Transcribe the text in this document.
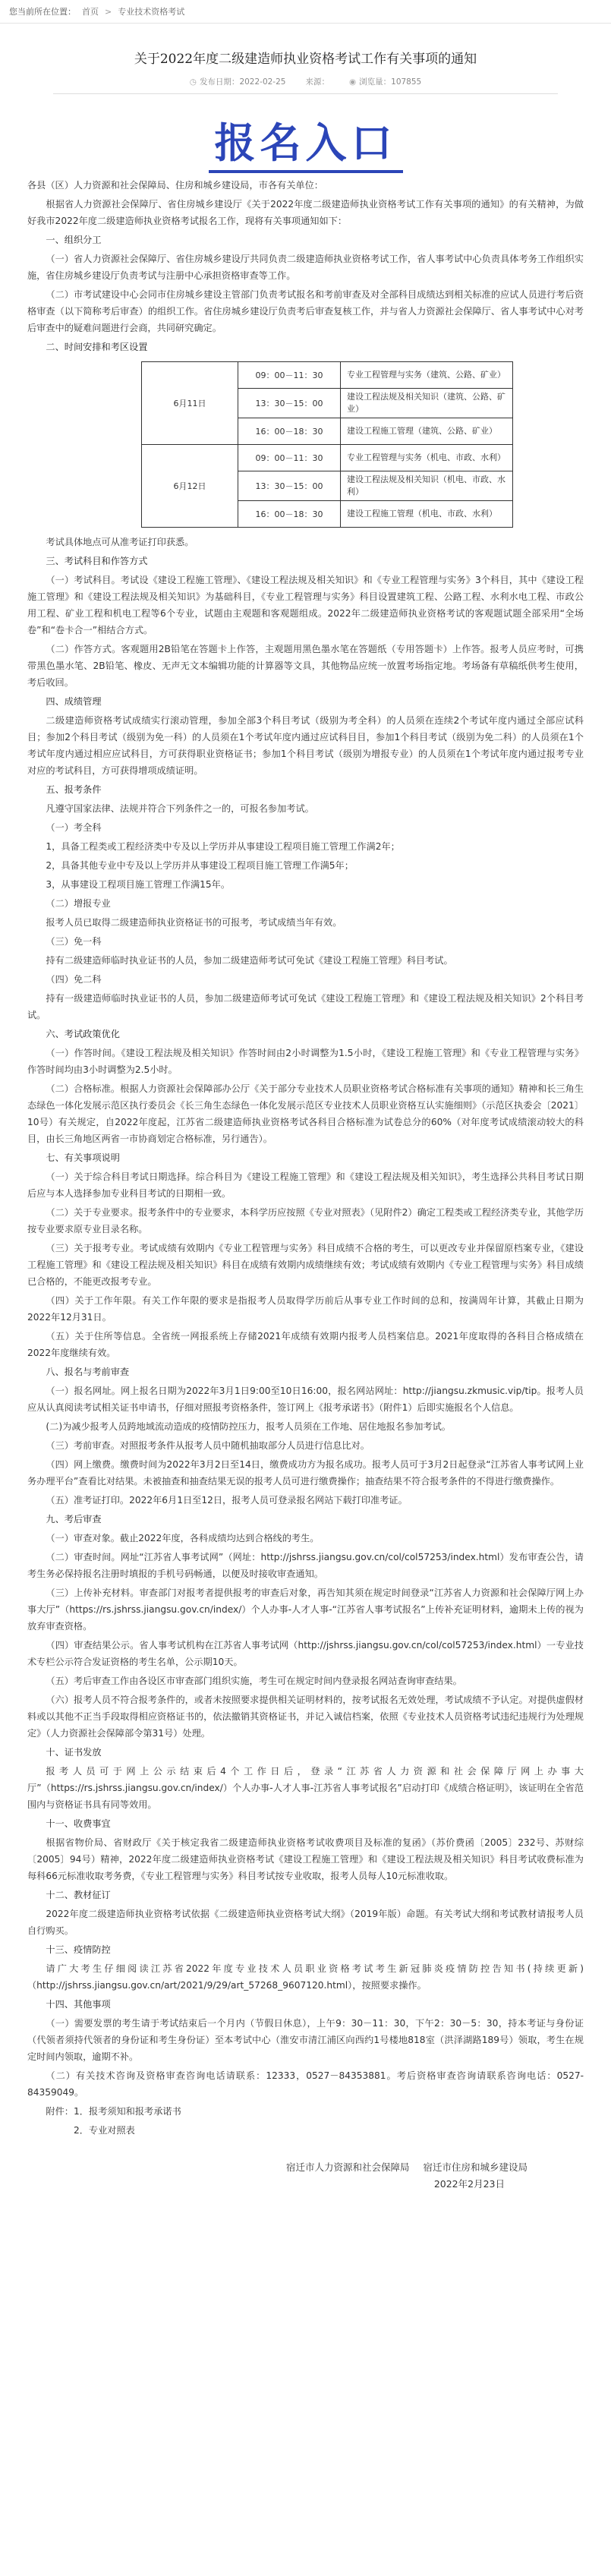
您当前所在位置： 首页 > 专业技术资格考试
关于2022年度二级建造师执业资格考试工作有关事项的通知
◷ 发布日期：2022-02-25 来源： ◉ 浏览量：107855
报名入口

各县（区）人力资源和社会保障局、住房和城乡建设局，市各有关单位：

根据省人力资源社会保障厅、省住房城乡建设厅《关于2022年度二级建造师执业资格考试工作有关事项的通知》的有关精神，为做好我市2022年度二级建造师执业资格考试报名工作，现将有关事项通知如下：

一、组织分工

（一）省人力资源社会保障厅、省住房城乡建设厅共同负责二级建造师执业资格考试工作，省人事考试中心负责具体考务工作组织实施，省住房城乡建设厅负责考试与注册中心承担资格审查等工作。

（二）市考试建设中心会同市住房城乡建设主管部门负责考试报名和考前审查及对全部科目成绩达到相关标准的应试人员进行考后资格审查（以下简称考后审查）的组织工作。省住房城乡建设厅负责考后审查复核工作，并与省人力资源社会保障厅、省人事考试中心对考后审查中的疑难问题进行会商，共同研究确定。

二、时间安排和考区设置

6月11日	09：00－11：30	专业工程管理与实务（建筑、公路、矿业）
	13：30－15：00	建设工程法规及相关知识（建筑、公路、矿业）
	16：00－18：30	建设工程施工管理（建筑、公路、矿业）
6月12日	09：00－11：30	专业工程管理与实务（机电、市政、水利）
	13：30－15：00	建设工程法规及相关知识（机电、市政、水利）
	16：00－18：30	建设工程施工管理（机电、市政、水利）

考试具体地点可从准考证打印获悉。

三、考试科目和作答方式

（一）考试科目。考试设《建设工程施工管理》、《建设工程法规及相关知识》和《专业工程管理与实务》3个科目，其中《建设工程施工管理》和《建设工程法规及相关知识》为基础科目，《专业工程管理与实务》科目设置建筑工程、公路工程、水利水电工程、市政公用工程、矿业工程和机电工程等6个专业，试题由主观题和客观题组成。2022年二级建造师执业资格考试的客观题试题全部采用“全场卷”和“卷卡合一”相结合方式。

（二）作答方式。客观题用2B铅笔在答题卡上作答，主观题用黑色墨水笔在答题纸（专用答题卡）上作答。报考人员应考时，可携带黑色墨水笔、2B铅笔、橡皮、无声无文本编辑功能的计算器等文具，其他物品应统一放置考场指定地。考场备有草稿纸供考生使用，考后收回。

四、成绩管理

二级建造师资格考试成绩实行滚动管理，参加全部3个科目考试（级别为考全科）的人员须在连续2个考试年度内通过全部应试科目；参加2个科目考试（级别为免一科）的人员须在1个考试年度内通过应试科目目，参加1个科目考试（级别为免二科）的人员须在1个考试年度内通过相应应试科目，方可获得职业资格证书；参加1个科目考试（级别为增报专业）的人员须在1个考试年度内通过报考专业对应的考试科目，方可获得增项成绩证明。

五、报考条件

凡遵守国家法律、法规并符合下列条件之一的，可报名参加考试。

（一）考全科

1，具备工程类或工程经济类中专及以上学历并从事建设工程项目施工管理工作满2年；

2，具备其他专业中专及以上学历并从事建设工程项目施工管理工作满5年；

3，从事建设工程项目施工管理工作满15年。

（二）增报专业

报考人员已取得二级建造师执业资格证书的可报考，考试成绩当年有效。

（三）免一科

持有二级建造师临时执业证书的人员，参加二级建造师考试可免试《建设工程施工管理》科目考试。

（四）免二科

持有一级建造师临时执业证书的人员，参加二级建造师考试可免试《建设工程施工管理》和《建设工程法规及相关知识》2个科目考试。

六、考试政策优化

（一）作答时间。《建设工程法规及相关知识》作答时间由2小时调整为1.5小时，《建设工程施工管理》和《专业工程管理与实务》作答时间均由3小时调整为2.5小时。

（二）合格标准。根据人力资源社会保障部办公厅《关于部分专业技术人员职业资格考试合格标准有关事项的通知》精神和长三角生态绿色一体化发展示范区执行委员会《长三角生态绿色一体化发展示范区专业技术人员职业资格互认实施细则》（示范区执委会〔2021〕10号）有关规定，自2022年度起，江苏省二级建造师执业资格考试各科目合格标准为试卷总分的60%（对年度考试成绩滚动较大的科目，由长三角地区两省一市协商划定合格标准，另行通告）。

七、有关事项说明

（一）关于综合科目考试日期选择。综合科目为《建设工程施工管理》和《建设工程法规及相关知识》，考生选择公共科目考试日期后应与本人选择参加专业科目考试的日期相一致。

（二）关于专业要求。报考条件中的专业要求，本科学历应按照《专业对照表》（见附件2）确定工程类或工程经济类专业，其他学历按专业要求原专业目录名称。

（三）关于报考专业。考试成绩有效期内《专业工程管理与实务》科目成绩不合格的考生，可以更改专业并保留原档案专业，《建设工程施工管理》和《建设工程法规及相关知识》科目在成绩有效期内成绩继续有效；考试成绩有效期内《专业工程管理与实务》科目成绩已合格的，不能更改报考专业。

（四）关于工作年限。有关工作年限的要求是指报考人员取得学历前后从事专业工作时间的总和，按满周年计算，其截止日期为2022年12月31日。

（五）关于住所等信息。全省统一网报系统上存储2021年成绩有效期内报考人员档案信息。2021年度取得的各科目合格成绩在2022年度继续有效。

八、报名与考前审查

（一）报名网址。网上报名日期为2022年3月1日9:00至10日16:00，报名网站网址：http://jiangsu.zkmusic.vip/tip。报考人员应从认真阅读考试相关证书申请书，仔细对照报考资格条件，签订网上《报考承诺书》（附件1）后即实施报名个人信息。

(二)为减少报考人员跨地域流动造成的疫情防控压力，报考人员须在工作地、居住地报名参加考试。

（三）考前审查。对照报考条件从报考人员中随机抽取部分人员进行信息比对。

（四）网上缴费。缴费时间为2022年3月2日至14日，缴费成功方为报名成功。报考人员可于3月2日起登录“江苏省人事考试网上业务办理平台”查看比对结果。未被抽查和抽查结果无误的报考人员可进行缴费操作；抽查结果不符合报考条件的不得进行缴费操作。

（五）准考证打印。2022年6月1日至12日，报考人员可登录报名网站下载打印准考证。

九、考后审查

（一）审查对象。截止2022年度，各科成绩均达到合格线的考生。

（二）审查时间。网址“江苏省人事考试网”（网址：http://jshrss.jiangsu.gov.cn/col/col57253/index.html）发布审查公告，请考生务必保持报名注册时填报的手机号码畅通，以便及时接收审查通知。

（三）上传补充材料。审查部门对报考者提供报考的审查后对象，再告知其须在规定时间登录“江苏省人力资源和社会保障厅网上办事大厅”（https://rs.jshrss.jiangsu.gov.cn/index/）个人办事-人才人事-“江苏省人事考试报名”上传补充证明材料，逾期未上传的视为放弃审查资格。

（四）审查结果公示。省人事考试机构在江苏省人事考试网（http://jshrss.jiangsu.gov.cn/col/col57253/index.html）一专业技术专栏公示符合发证资格的考生名单，公示期10天。

（五）考后审查工作由各设区市审查部门组织实施，考生可在规定时间内登录报名网站查询审查结果。

（六）报考人员不符合报考条件的，或者未按照要求提供相关证明材料的，按考试报名无效处理，考试成绩不予认定。对提供虚假材料或以其他不正当手段取得相应资格证书的，依法撤销其资格证书，并记入诚信档案，依照《专业技术人员资格考试违纪违规行为处理规定》（人力资源社会保障部令第31号）处理。

十、证书发放

报考人员可于网上公示结束后4个工作日后，登录“江苏省人力资源和社会保障厅网上办事大厅”（https://rs.jshrss.jiangsu.gov.cn/index/）个人办事-人才人事-江苏省人事考试报名”启动打印《成绩合格证明》，该证明在全省范围内与资格证书具有同等效用。

十一、收费事宜

根据省物价局、省财政厅《关于核定我省二级建造师执业资格考试收费项目及标准的复函》（苏价费函〔2005〕232号、苏财综〔2005〕94号）精神，2022年度二级建造师执业资格考试《建设工程施工管理》和《建设工程法规及相关知识》科目考试收费标准为每科66元标准收取考务费，《专业工程管理与实务》科目考试按专业收取，报考人员每人10元标准收取。

十二、教材征订

2022年度二级建造师执业资格考试依据《二级建造师执业资格考试大纲》（2019年版）命题。有关考试大纲和考试教材请报考人员自行购买。

十三、疫情防控

请广大考生仔细阅读江苏省2022年度专业技术人员职业资格考试考生新冠肺炎疫情防控告知书(持续更新)（http://jshrss.jiangsu.gov.cn/art/2021/9/29/art_57268_9607120.html），按照要求操作。

十四、其他事项

（一）需要发票的考生请于考试结束后一个月内（节假日休息），上午9：30－11：30，下午2：30－5：30，持本考证与身份证（代领者须持代领者的身份证和考生身份证）至本考试中心（淮安市清江浦区向西约1号楼地818室（洪泽湖路189号）领取，考生在规定时间内领取，逾期不补。

（二）有关技术咨询及资格审查咨询电话请联系：12333，0527－84353881。考后资格审查咨询请联系咨询电话：0527-84359049。

附件：1．报考须知和报考承诺书

2．专业对照表

宿迁市人力资源和社会保障局 宿迁市住房和城乡建设局
2022年2月23日
